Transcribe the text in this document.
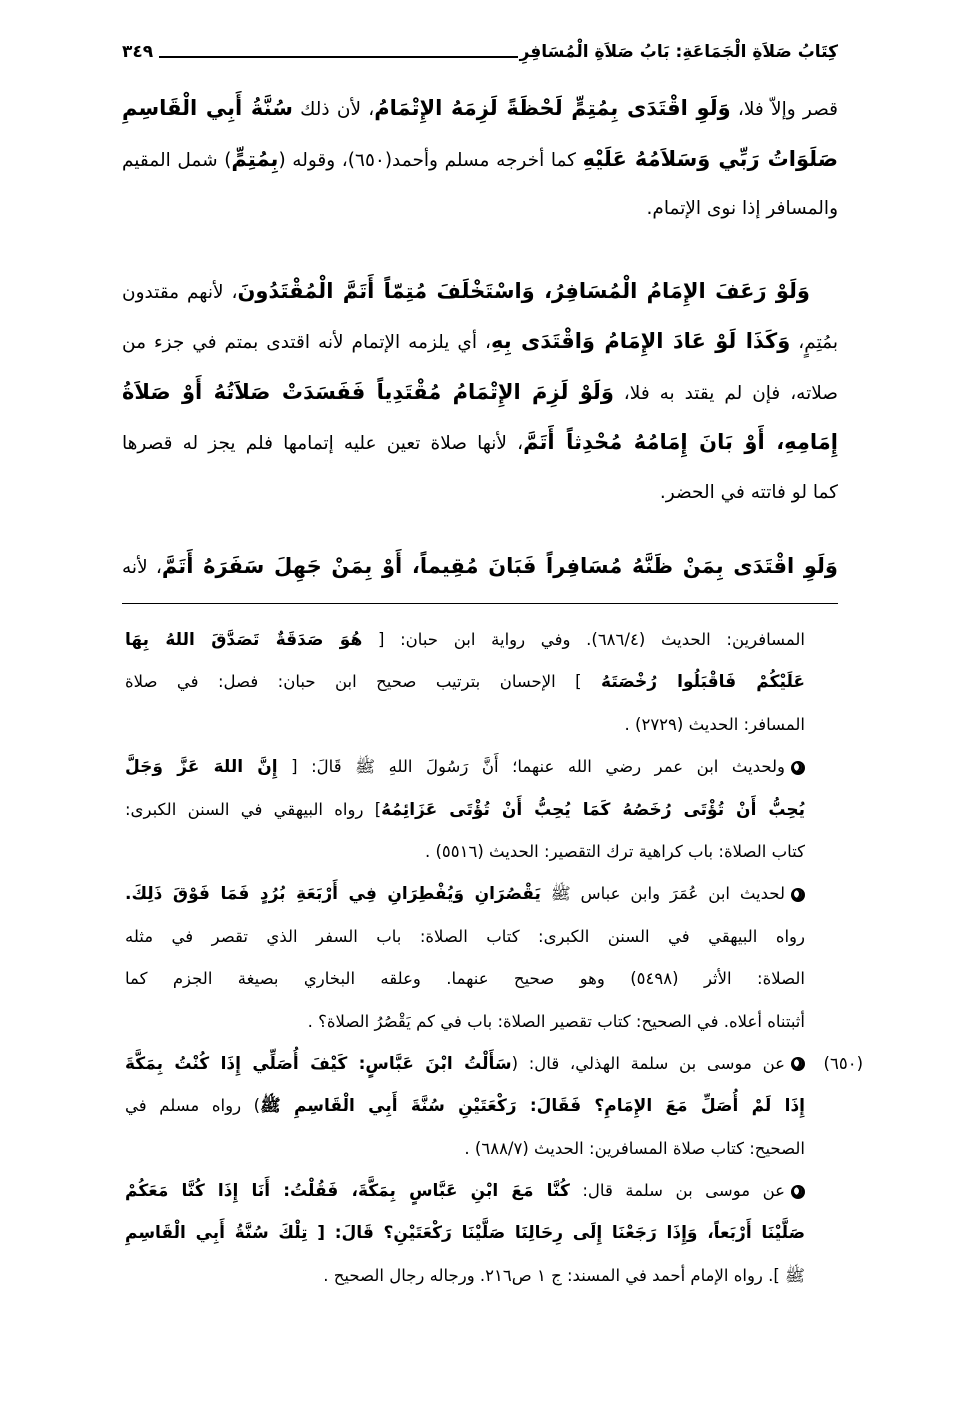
كِتَابُ صَلاَةِ الْجَمَاعَةِ: بَابُ صَلاَةِ الْمُسَافِرِ
٣٤٩
قصر وإلاّ فلا، وَلَوِ اقْتَدَى بِمُتِمٍّ لَحْظَةً لَزِمَهُ الإِتْمَامُ، لأن ذلك سُنَّةُ أَبِي الْقَاسِمِ
صَلَوَاتُ رَبِّي وَسَلاَمُهُ عَلَيْهِ كما أخرجه مسلم وأحمد(٦٥٠)، وقوله (بِمُتِمٍّ) شمل المقيم
والمسافر إذا نوى الإتمام.
وَلَوْ رَعَفَ الإِمَامُ الْمُسَافِرُ، وَاسْتَخْلَفَ مُتِمّاً أَتَمَّ الْمُقْتَدُونَ، لأنهم مقتدون
بمُتِمٍ، وَكَذَا لَوْ عَادَ الإِمَامُ وَاقْتَدَى بِهِ، أي يلزمه الإتمام لأنه اقتدى بمتم في جزء من
صلاته، فإن لم يقتد به فلا، وَلَوْ لَزِمَ الإِتْمَامُ مُقْتَدِياً فَفَسَدَتْ صَلاَتُهُ أَوْ صَلاَةُ
إِمَامِهِ، أَوْ بَانَ إِمَامُهُ مُحْدِثاً أَتَمَّ، لأنها صلاة تعين عليه إتمامها فلم يجز له قصرها
كما لو فاتته في الحضر.
وَلَوِ اقْتَدَى بِمَنْ ظَنَّهُ مُسَافِراً فَبَانَ مُقِيماً، أَوْ بِمَنْ جَهِلَ سَفَرَهُ أَتَمَّ، لأنه
المسافرين: الحديث (٦٨٦/٤). وفي رواية ابن حبان: [ هُوَ صَدَقَةٌ تَصَدَّقَ اللهُ بِهَا
عَلَيْكُمْ فَاقْبَلُوا رُخْصَتَهُ ] الإحسان بترتيب صحيح ابن حبان: فصل: في صلاة
المسافر: الحديث (٢٧٢٩) .
ولحديث ابن عمر رضي الله عنهما؛ أَنَّ رَسُولَ اللهِ ﷺ قَالَ: [ إِنَّ اللهَ عَزَّ وَجَلَّ
يُحِبُّ أَنْ تُؤْتَى رُخَصُهُ كَمَا يُحِبُّ أَنْ تُؤْتَى عَزَائِمُهُ] رواه البيهقي في السنن الكبرى:
كتاب الصلاة: باب كراهية ترك التقصير: الحديث (٥٥١٦) .
لحديث ابن عُمَرَ وابن عباس ﷺ يَقْصُرَانِ وَيُفْطِرَانِ فِي أَرْبَعَةِ بُرُدٍ فَمَا فَوْقَ ذَلِكَ.
رواه البيهقي في السنن الكبرى: كتاب الصلاة: باب السفر الذي تقصر في مثله
الصلاة: الأثر (٥٤٩٨) وهو صحيح عنهما. وعلقه البخاري بصيغة الجزم كما
أثبتناه أعلاه. في الصحيح: كتاب تقصير الصلاة: باب في كم يَقْصُرُ الصلاة؟ .
(٦٥٠)
عن موسى بن سلمة الهذلي، قال: (سَأَلْتُ ابْنَ عَبَّاسٍ: كَيْفَ أُصَلِّي إِذَا كُنْتُ بِمَكَّةَ
إِذَا لَمْ أُصَلِّ مَعَ الإِمَامِ؟ فَقَالَ: رَكْعَتَيْنِ سُنَّةَ أَبِي الْقَاسِمِ ﷺ) رواه مسلم في
الصحيح: كتاب صلاة المسافرين: الحديث (٦٨٨/٧) .
عن موسى بن سلمة قال: كُنَّا مَعَ ابْنِ عَبَّاسٍ بِمَكَّةَ، فَقُلْتُ: أَنَا إِذَا كُنَّا مَعَكُمْ
صَلَّيْنَا أَرْبَعاً، وَإِذَا رَجَعْنَا إِلَى رِحَالِنَا صَلَّيْنَا رَكْعَتَيْنِ؟ قَالَ: [ تِلْكَ سُنَّةُ أَبِي الْقَاسِمِ
ﷺ ]. رواه الإمام أحمد في المسند: ج ١ ص٢١٦. ورجاله رجال الصحيح .
